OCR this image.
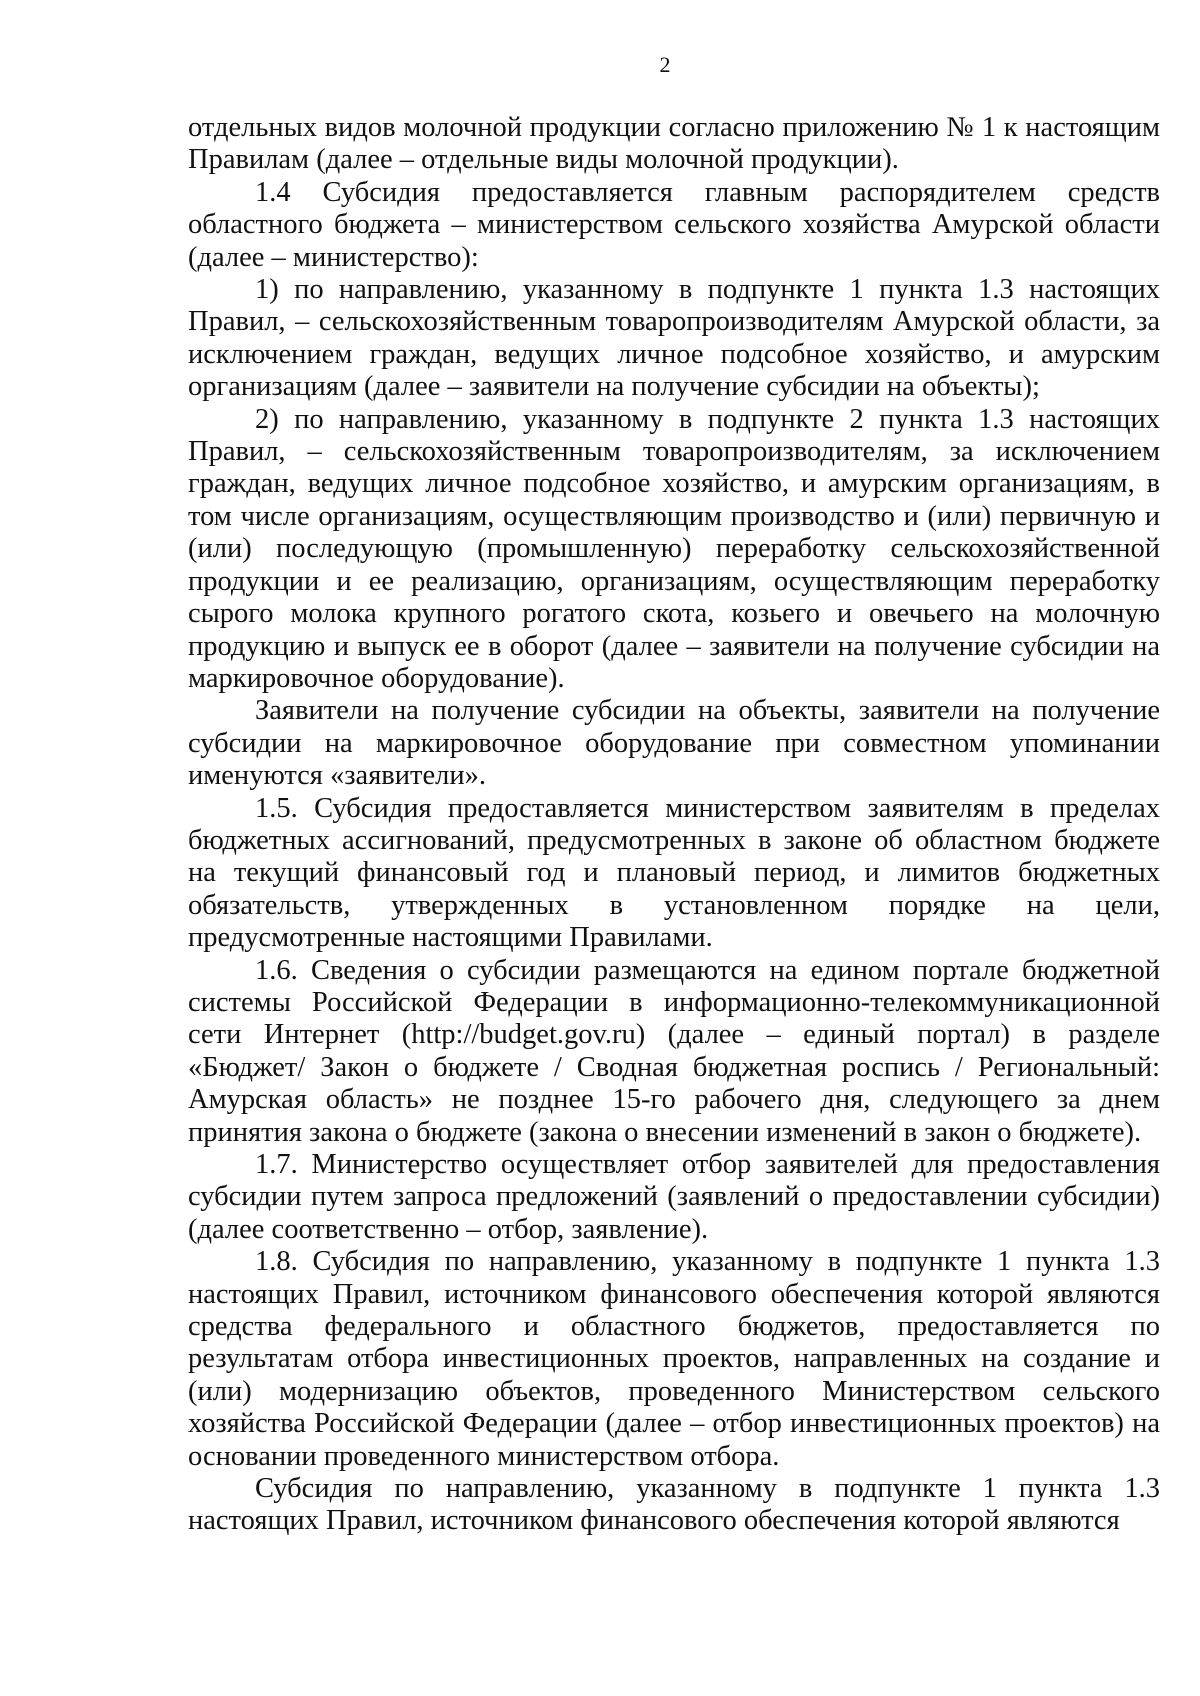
2

отдельных видов молочной продукции согласно приложению № 1 к настоящим Правилам (далее – отдельные виды молочной продукции).

1.4 Субсидия предоставляется главным распорядителем средств областного бюджета – министерством сельского хозяйства Амурской области (далее – министерство):

1) по направлению, указанному в подпункте 1 пункта 1.3 настоящих Правил, – сельскохозяйственным товаропроизводителям Амурской области, за исключением граждан, ведущих личное подсобное хозяйство, и амурским организациям (далее – заявители на получение субсидии на объекты);

2) по направлению, указанному в подпункте 2 пункта 1.3 настоящих Правил, – сельскохозяйственным товаропроизводителям, за исключением граждан, ведущих личное подсобное хозяйство, и амурским организациям, в том числе организациям, осуществляющим производство и (или) первичную и (или) последующую (промышленную) переработку сельскохозяйственной продукции и ее реализацию, организациям, осуществляющим переработку сырого молока крупного рогатого скота, козьего и овечьего на молочную продукцию и выпуск ее в оборот (далее – заявители на получение субсидии на маркировочное оборудование).

Заявители на получение субсидии на объекты, заявители на получение субсидии на маркировочное оборудование при совместном упоминании именуются «заявители».

1.5. Субсидия предоставляется министерством заявителям в пределах бюджетных ассигнований, предусмотренных в законе об областном бюджете на текущий финансовый год и плановый период, и лимитов бюджетных обязательств, утвержденных в установленном порядке на цели, предусмотренные настоящими Правилами.

1.6. Сведения о субсидии размещаются на едином портале бюджетной системы Российской Федерации в информационно-телекоммуникационной сети Интернет (http://budget.gov.ru) (далее – единый портал) в разделе «Бюджет/ Закон о бюджете / Сводная бюджетная роспись / Региональный: Амурская область» не позднее 15-го рабочего дня, следующего за днем принятия закона о бюджете (закона о внесении изменений в закон о бюджете).

1.7. Министерство осуществляет отбор заявителей для предоставления субсидии путем запроса предложений (заявлений о предоставлении субсидии) (далее соответственно – отбор, заявление).

1.8. Субсидия по направлению, указанному в подпункте 1 пункта 1.3 настоящих Правил, источником финансового обеспечения которой являются средства федерального и областного бюджетов, предоставляется по результатам отбора инвестиционных проектов, направленных на создание и (или) модернизацию объектов, проведенного Министерством сельского хозяйства Российской Федерации (далее – отбор инвестиционных проектов) на основании проведенного министерством отбора.

Субсидия по направлению, указанному в подпункте 1 пункта 1.3 настоящих Правил, источником финансового обеспечения которой являются
